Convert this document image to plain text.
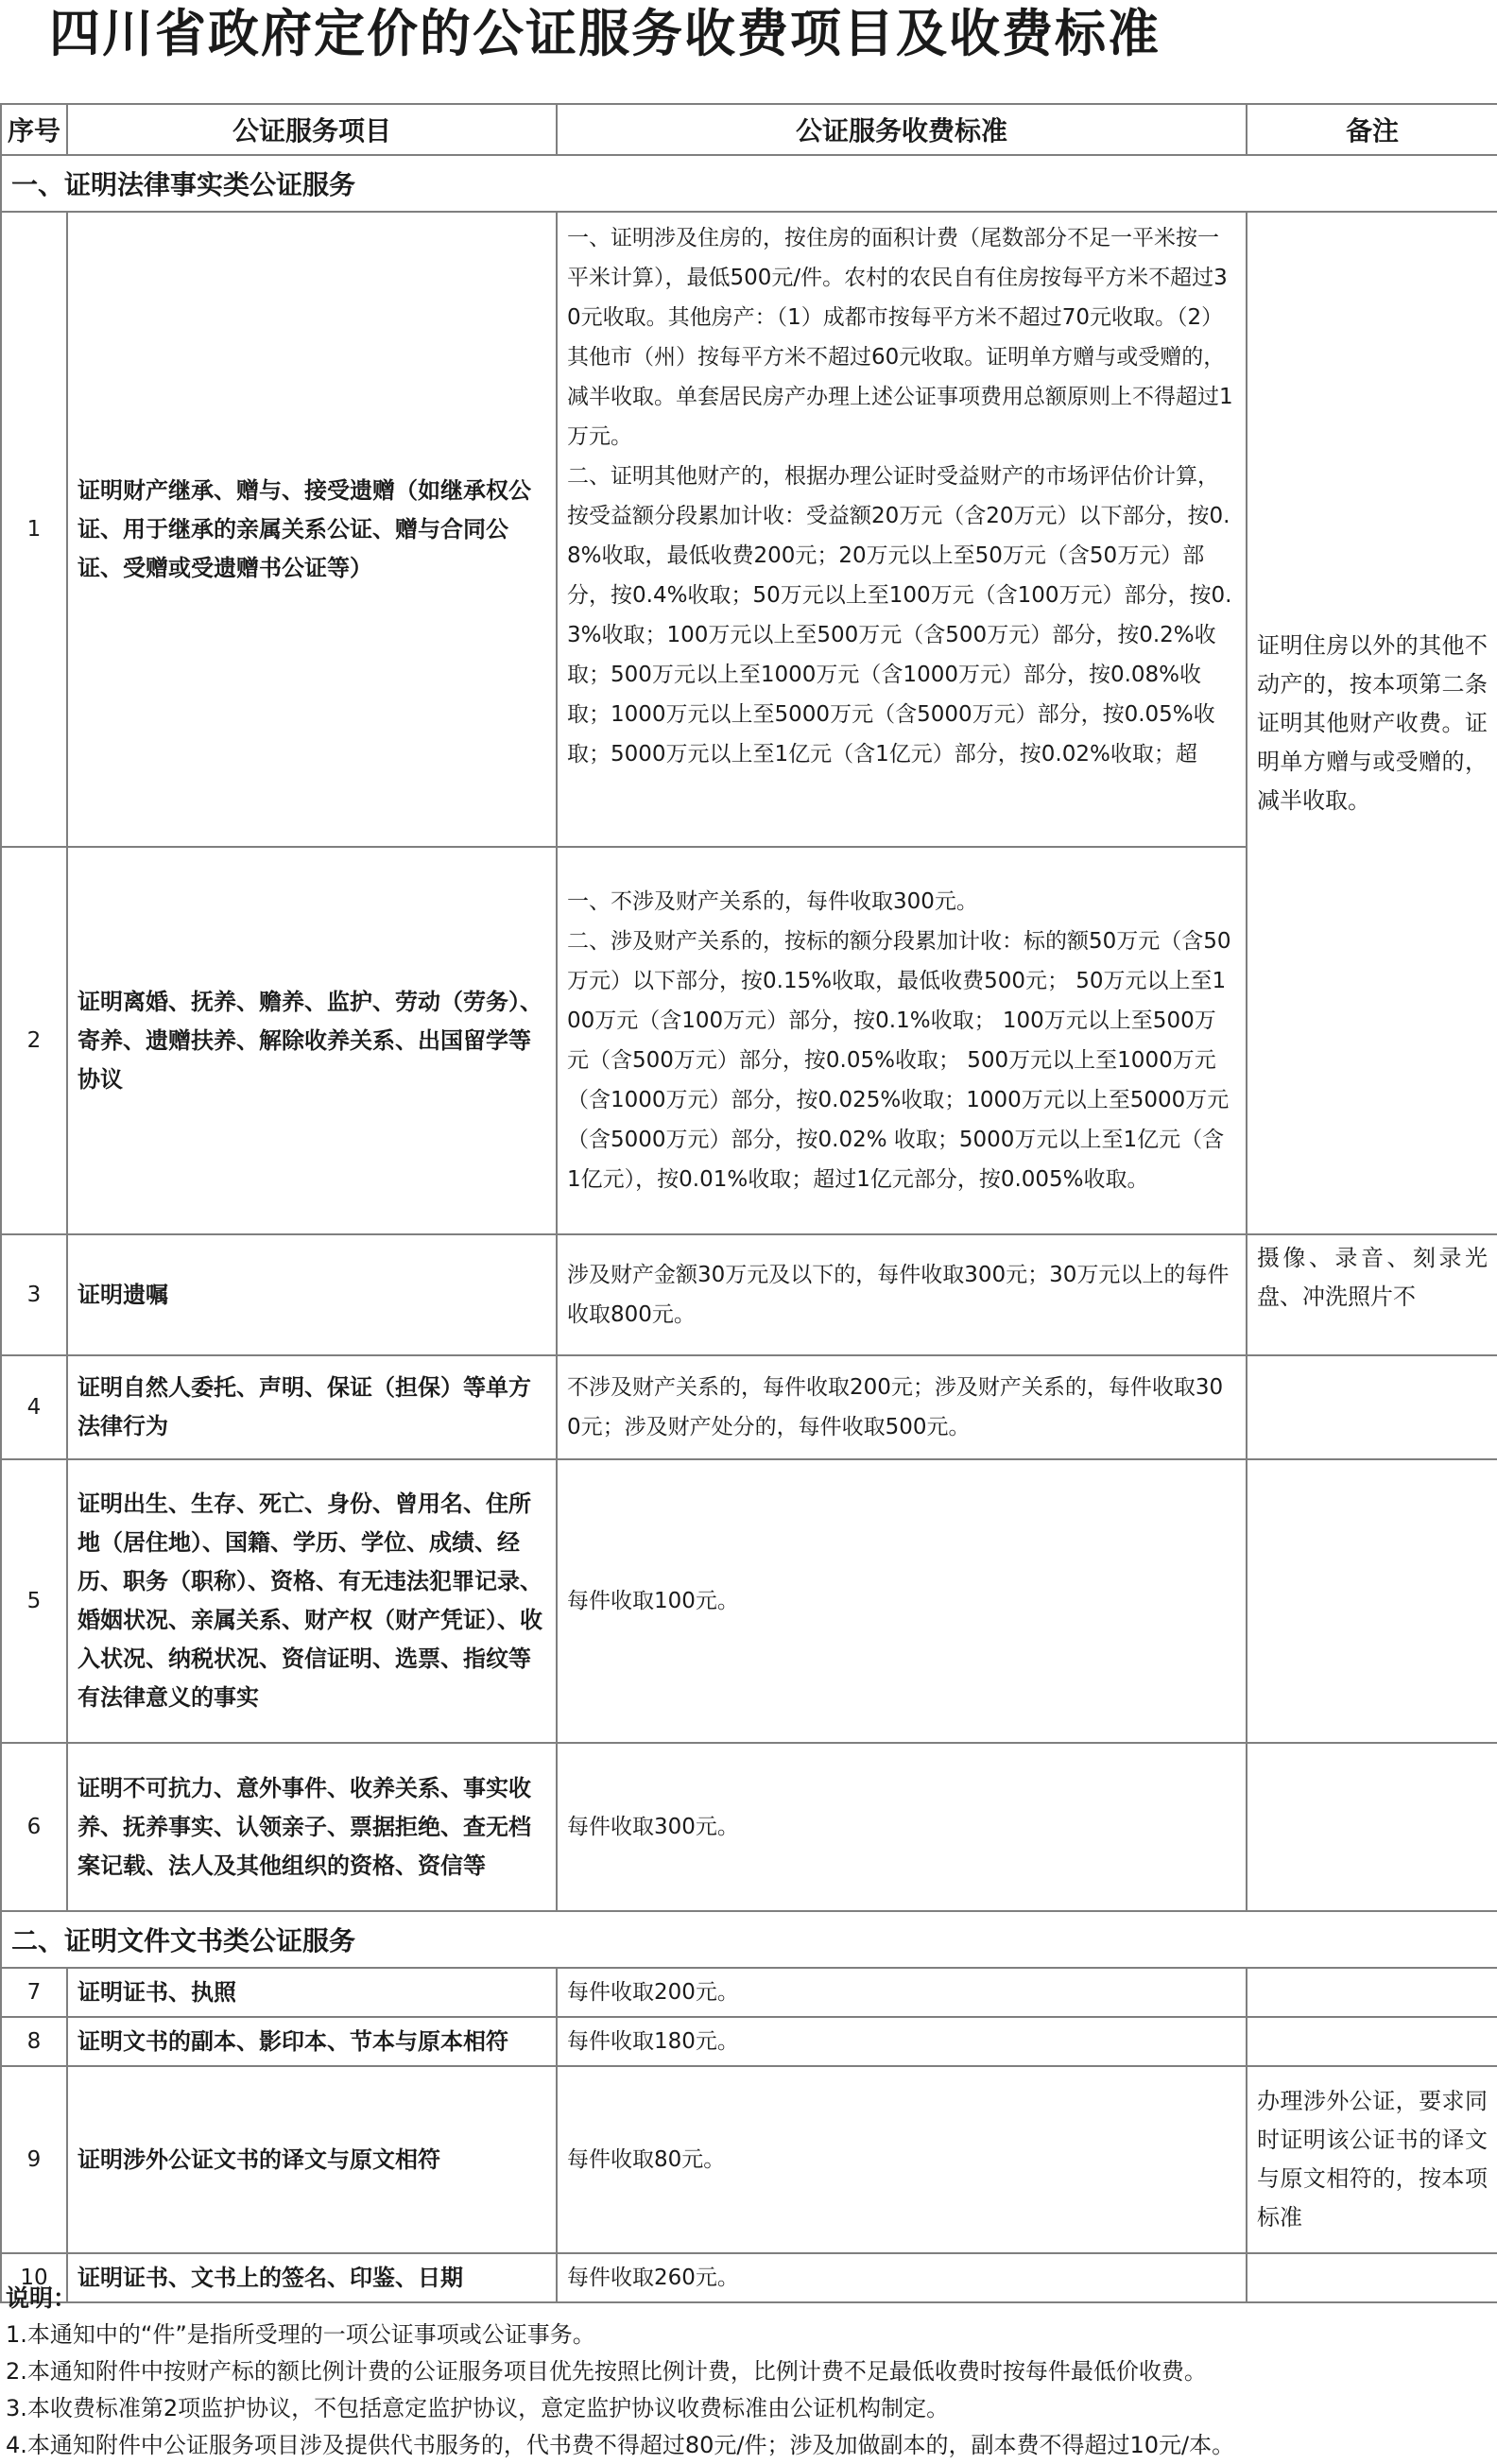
四川省政府定价的公证服务收费项目及收费标准
序号	公证服务项目	公证服务收费标准	备注
一、证明法律事实类公证服务			
1	证明财产继承、赠与、接受遗赠（如继承权公证、用于继承的亲属关系公证、赠与合同公证、受赠或受遗赠书公证等）	一、证明涉及住房的，按住房的面积计费（尾数部分不足一平米按一平米计算），最低500元/件。农村的农民自有住房按每平方米不超过30元收取。其他房产：（1）成都市按每平方米不超过70元收取。（2）其他市（州）按每平方米不超过60元收取。证明单方赠与或受赠的，减半收取。单套居民房产办理上述公证事项费用总额原则上不得超过1万元。
二、证明其他财产的，根据办理公证时受益财产的市场评估价计算，按受益额分段累加计收：受益额20万元（含20万元）以下部分，按0.8%收取，最低收费200元；20万元以上至50万元（含50万元）部分，按0.4%收取；50万元以上至100万元（含100万元）部分，按0.3%收取；100万元以上至500万元（含500万元）部分，按0.2%收取；500万元以上至1000万元（含1000万元）部分，按0.08%收取；1000万元以上至5000万元（含5000万元）部分，按0.05%收取；5000万元以上至1亿元（含1亿元）部分，按0.02%收取；超	证明住房以外的其他不动产的，按本项第二条证明其他财产收费。证明单方赠与或受赠的，减半收取。
2	证明离婚、抚养、赡养、监护、劳动（劳务）、寄养、遗赠扶养、解除收养关系、出国留学等协议	一、不涉及财产关系的，每件收取300元。
二、涉及财产关系的，按标的额分段累加计收：标的额50万元（含50万元）以下部分，按0.15%收取，最低收费500元； 50万元以上至100万元（含100万元）部分，按0.1%收取； 100万元以上至500万元（含500万元）部分，按0.05%收取； 500万元以上至1000万元（含1000万元）部分，按0.025%收取；1000万元以上至5000万元（含5000万元）部分，按0.02% 收取；5000万元以上至1亿元（含1亿元），按0.01%收取；超过1亿元部分，按0.005%收取。	

3	证明遗嘱	涉及财产金额30万元及以下的，每件收取300元；30万元以上的每件收取800元。	摄像、录音、刻录光盘、冲洗照片不
4	证明自然人委托、声明、保证（担保）等单方法律行为	不涉及财产关系的，每件收取200元；涉及财产关系的，每件收取300元；涉及财产处分的，每件收取500元。	
5	证明出生、生存、死亡、身份、曾用名、住所地（居住地）、国籍、学历、学位、成绩、经历、职务（职称）、资格、有无违法犯罪记录、婚姻状况、亲属关系、财产权（财产凭证）、收入状况、纳税状况、资信证明、选票、指纹等有法律意义的事实	每件收取100元。	
6	证明不可抗力、意外事件、收养关系、事实收养、抚养事实、认领亲子、票据拒绝、查无档案记载、法人及其他组织的资格、资信等	每件收取300元。	
二、证明文件文书类公证服务			
7	证明证书、执照	每件收取200元。	
8	证明文书的副本、影印本、节本与原本相符	每件收取180元。	
9	证明涉外公证文书的译文与原文相符	每件收取80元。	办理涉外公证，要求同时证明该公证书的译文与原文相符的，按本项标准
10	证明证书、文书上的签名、印鉴、日期	每件收取260元。	
说明：
1.本通知中的“件”是指所受理的一项公证事项或公证事务。
2.本通知附件中按财产标的额比例计费的公证服务项目优先按照比例计费，比例计费不足最低收费时按每件最低价收费。
3.本收费标准第2项监护协议，不包括意定监护协议，意定监护协议收费标准由公证机构制定。
4.本通知附件中公证服务项目涉及提供代书服务的，代书费不得超过80元/件；涉及加做副本的，副本费不得超过10元/本。
